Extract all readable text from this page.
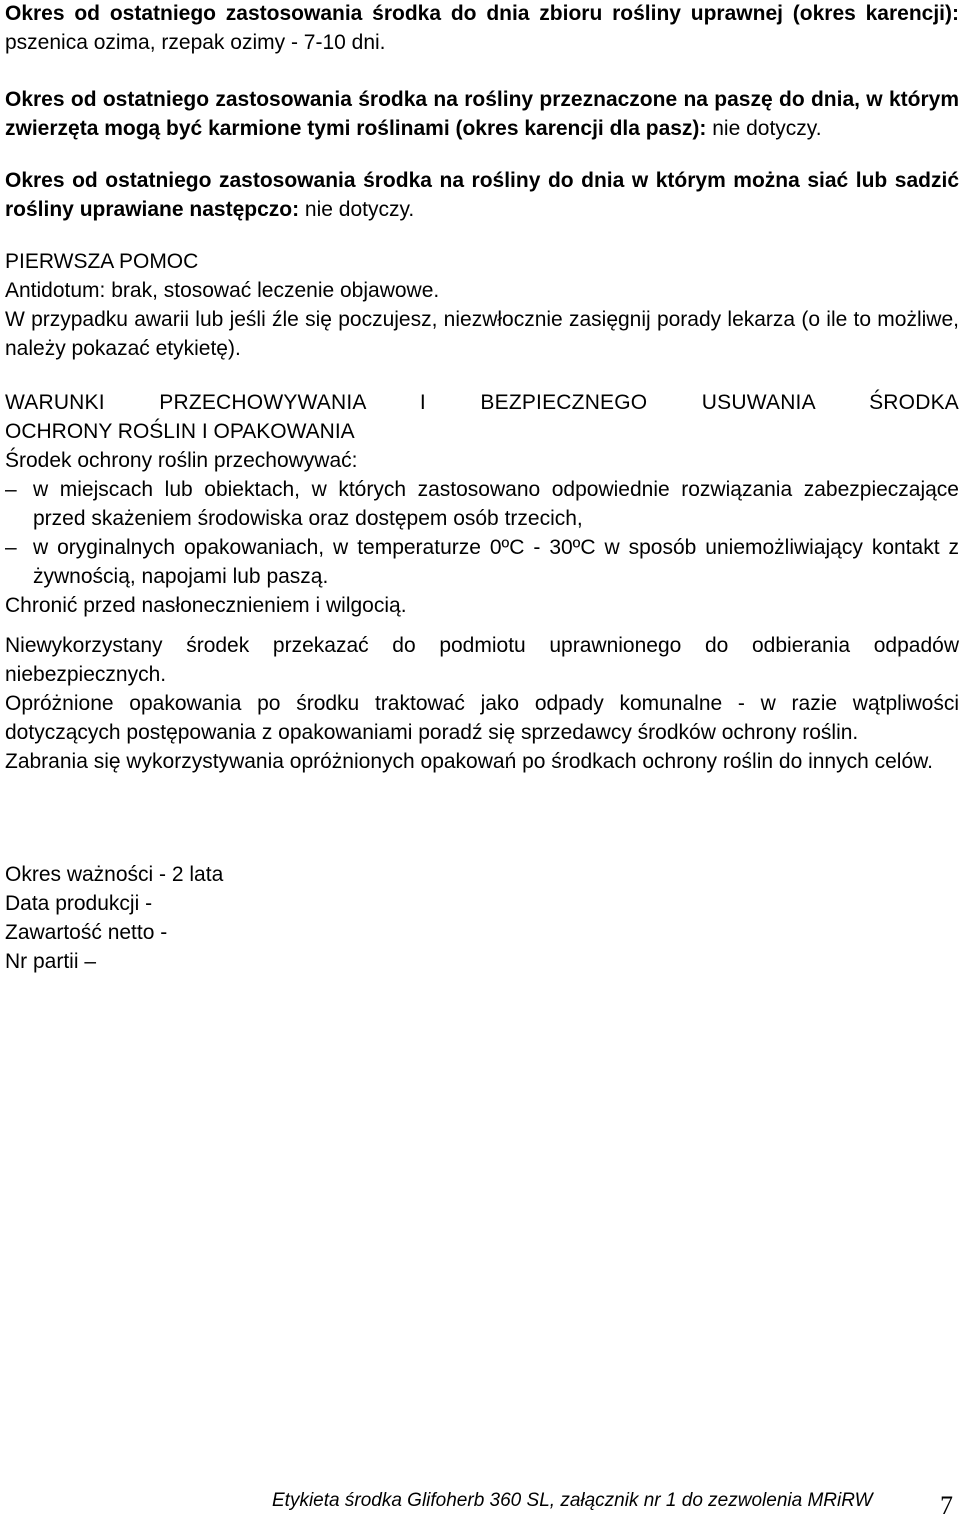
Okres od ostatniego zastosowania środka do dnia zbioru rośliny uprawnej (okres karencji): pszenica ozima, rzepak ozimy - 7-10 dni.

Okres od ostatniego zastosowania środka na rośliny przeznaczone na paszę do dnia, w którym zwierzęta mogą być karmione tymi roślinami (okres karencji dla pasz): nie dotyczy.

Okres od ostatniego zastosowania środka na rośliny do dnia w którym można siać lub sadzić rośliny uprawiane następczo: nie dotyczy.

PIERWSZA POMOC

Antidotum: brak, stosować leczenie objawowe.

W przypadku awarii lub jeśli źle się poczujesz, niezwłocznie zasięgnij porady lekarza (o ile to możliwe, należy pokazać etykietę).

WARUNKI PRZECHOWYWANIA I BEZPIECZNEGO USUWANIA ŚRODKA

OCHRONY ROŚLIN I OPAKOWANIA

Środek ochrony roślin przechowywać:

– w miejscach lub obiektach, w których zastosowano odpowiednie rozwiązania zabezpieczające przed skażeniem środowiska oraz dostępem osób trzecich,
– w oryginalnych opakowaniach, w temperaturze 0ºC - 30ºC w sposób uniemożliwiający kontakt z żywnością, napojami lub paszą.

Chronić przed nasłonecznieniem i wilgocią.

Niewykorzystany środek przekazać do podmiotu uprawnionego do odbierania odpadów niebezpiecznych.

Opróżnione opakowania po środku traktować jako odpady komunalne - w razie wątpliwości dotyczących postępowania z opakowaniami poradź się sprzedawcy środków ochrony roślin.

Zabrania się wykorzystywania opróżnionych opakowań po środkach ochrony roślin do innych celów.

Okres ważności - 2 lata

Data produkcji -

Zawartość netto -

Nr partii –

Etykieta środka Glifoherb 360 SL, załącznik nr 1 do zezwolenia MRiRW	7
